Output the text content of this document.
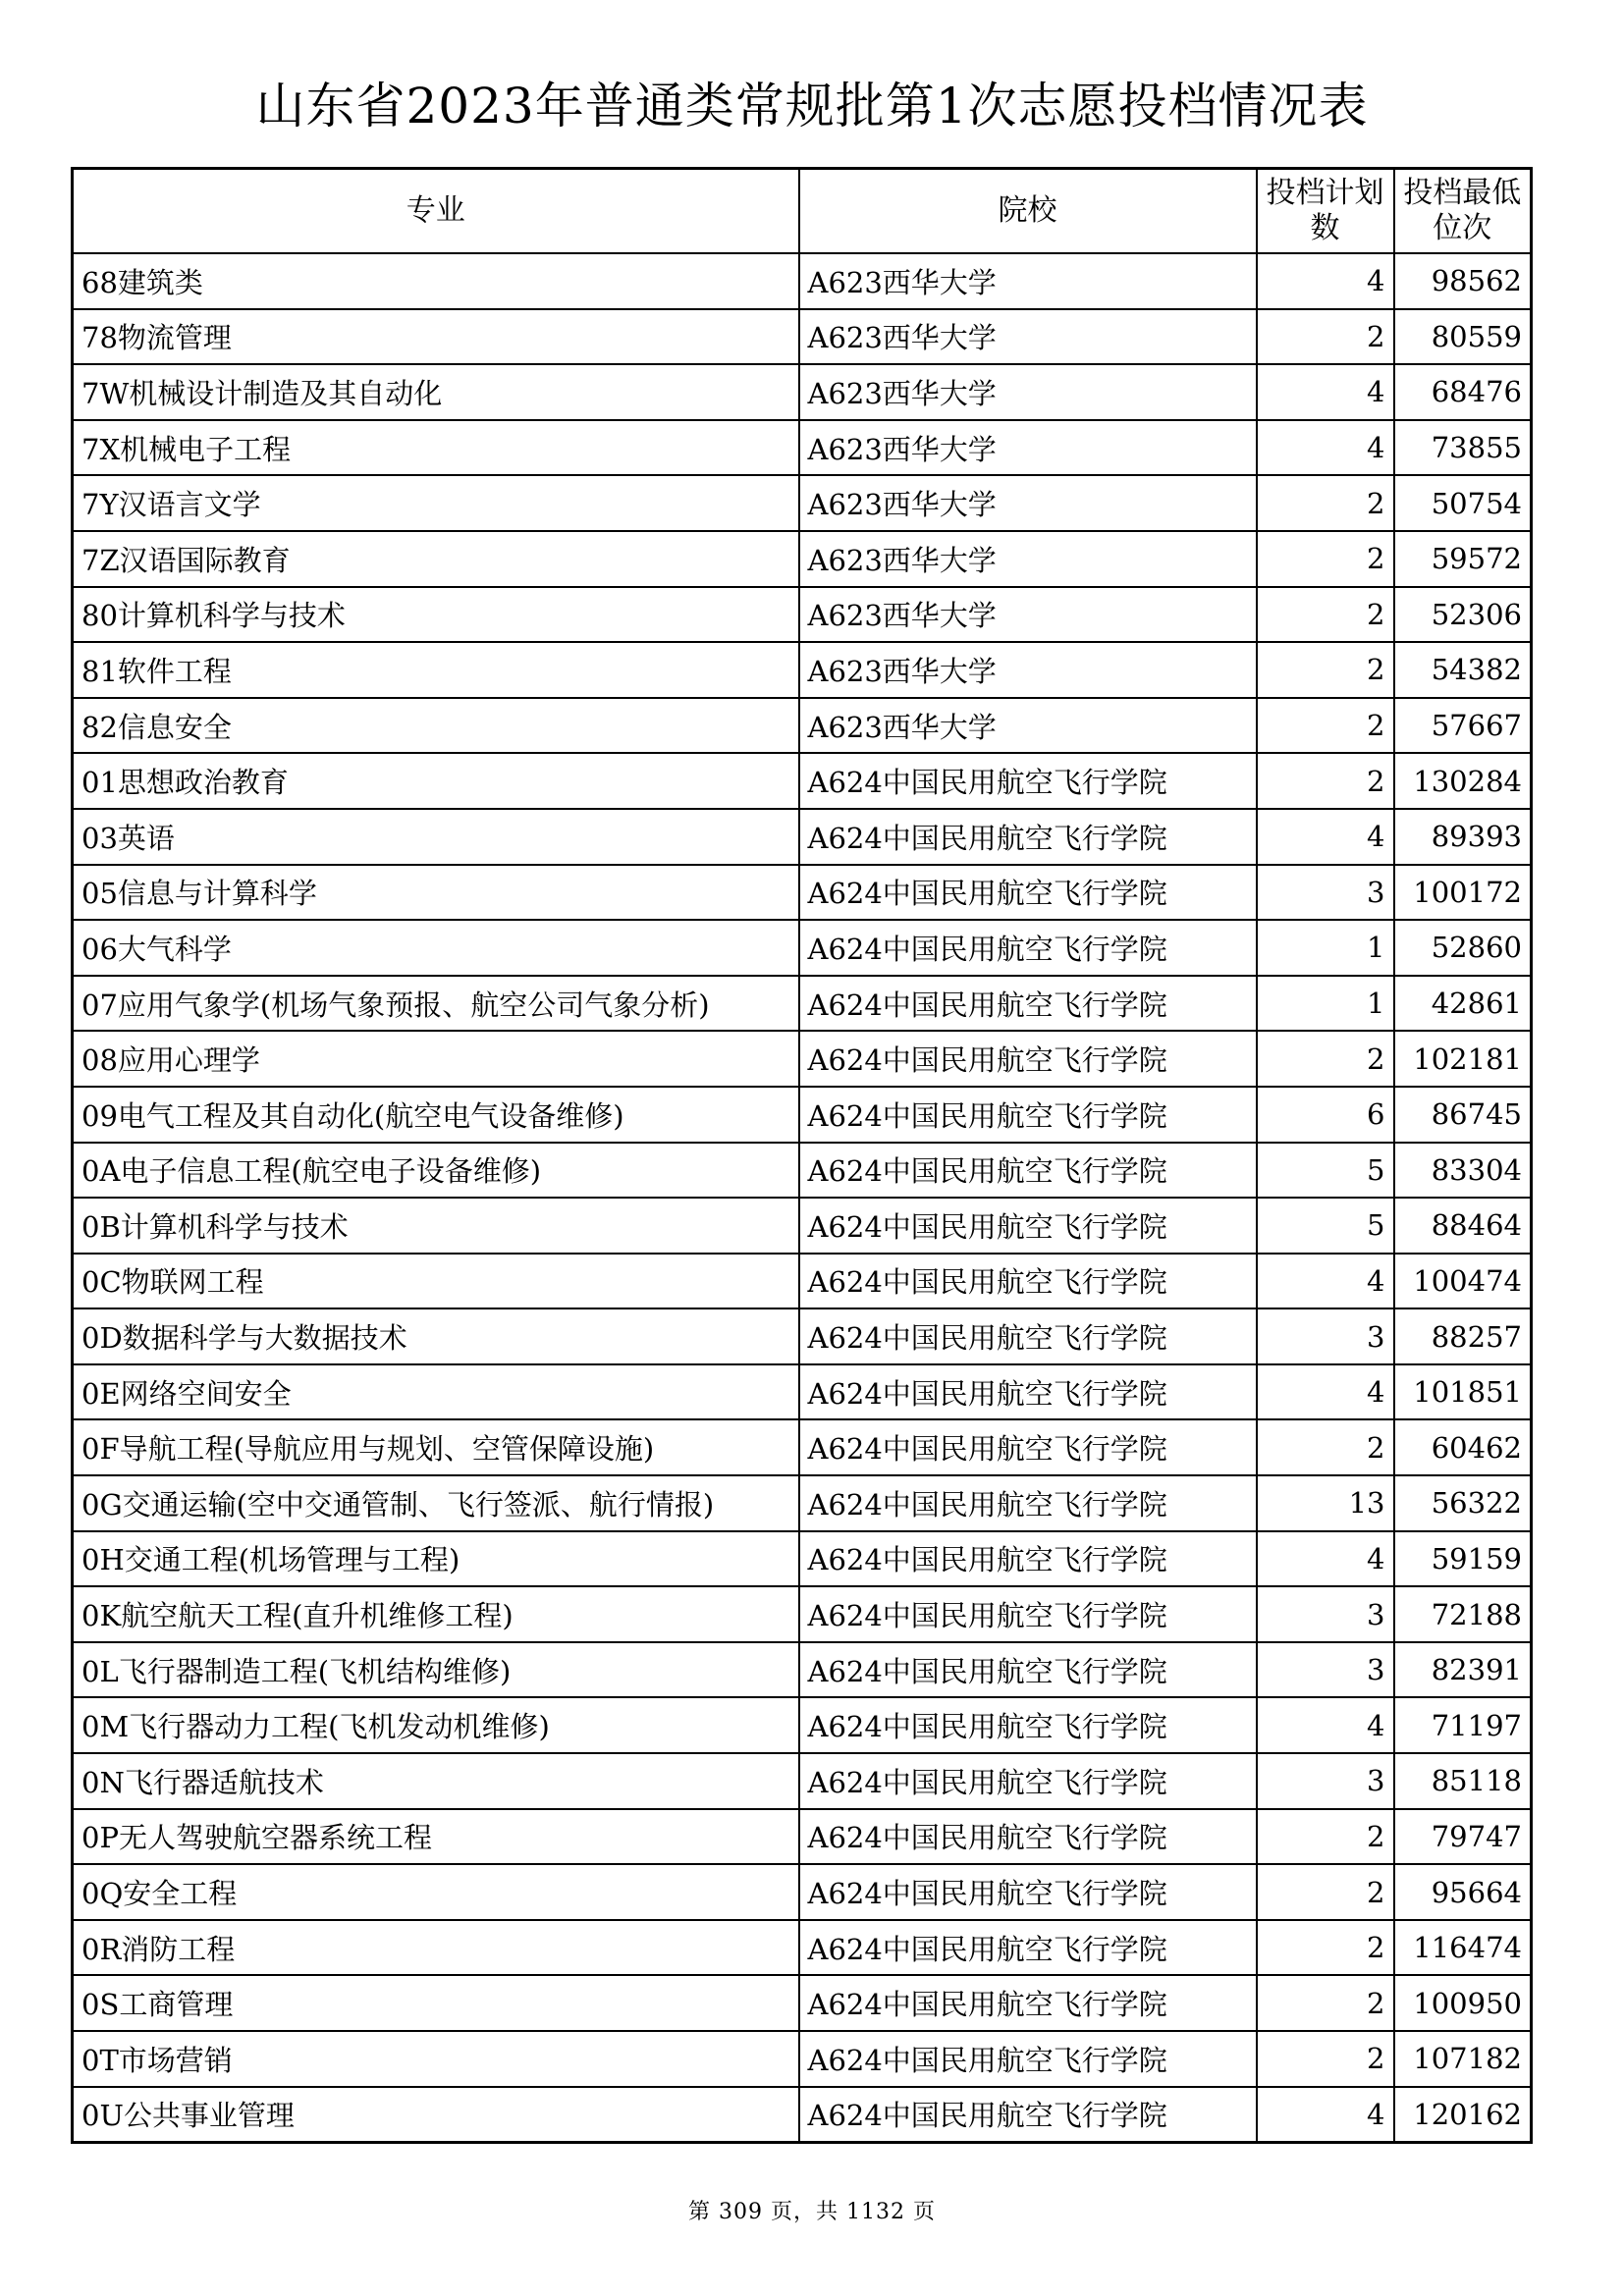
山东省2023年普通类常规批第1次志愿投档情况表
专业	院校	投档计划数	投档最低位次
68建筑类	A623西华大学	4	98562
78物流管理	A623西华大学	2	80559
7W机械设计制造及其自动化	A623西华大学	4	68476
7X机械电子工程	A623西华大学	4	73855
7Y汉语言文学	A623西华大学	2	50754
7Z汉语国际教育	A623西华大学	2	59572
80计算机科学与技术	A623西华大学	2	52306
81软件工程	A623西华大学	2	54382
82信息安全	A623西华大学	2	57667
01思想政治教育	A624中国民用航空飞行学院	2	130284
03英语	A624中国民用航空飞行学院	4	89393
05信息与计算科学	A624中国民用航空飞行学院	3	100172
06大气科学	A624中国民用航空飞行学院	1	52860
07应用气象学(机场气象预报、航空公司气象分析)	A624中国民用航空飞行学院	1	42861
08应用心理学	A624中国民用航空飞行学院	2	102181
09电气工程及其自动化(航空电气设备维修)	A624中国民用航空飞行学院	6	86745
0A电子信息工程(航空电子设备维修)	A624中国民用航空飞行学院	5	83304
0B计算机科学与技术	A624中国民用航空飞行学院	5	88464
0C物联网工程	A624中国民用航空飞行学院	4	100474
0D数据科学与大数据技术	A624中国民用航空飞行学院	3	88257
0E网络空间安全	A624中国民用航空飞行学院	4	101851
0F导航工程(导航应用与规划、空管保障设施)	A624中国民用航空飞行学院	2	60462
0G交通运输(空中交通管制、飞行签派、航行情报)	A624中国民用航空飞行学院	13	56322
0H交通工程(机场管理与工程)	A624中国民用航空飞行学院	4	59159
0K航空航天工程(直升机维修工程)	A624中国民用航空飞行学院	3	72188
0L飞行器制造工程(飞机结构维修)	A624中国民用航空飞行学院	3	82391
0M飞行器动力工程(飞机发动机维修)	A624中国民用航空飞行学院	4	71197
0N飞行器适航技术	A624中国民用航空飞行学院	3	85118
0P无人驾驶航空器系统工程	A624中国民用航空飞行学院	2	79747
0Q安全工程	A624中国民用航空飞行学院	2	95664
0R消防工程	A624中国民用航空飞行学院	2	116474
0S工商管理	A624中国民用航空飞行学院	2	100950
0T市场营销	A624中国民用航空飞行学院	2	107182
0U公共事业管理	A624中国民用航空飞行学院	4	120162
第 309 页，共 1132 页
